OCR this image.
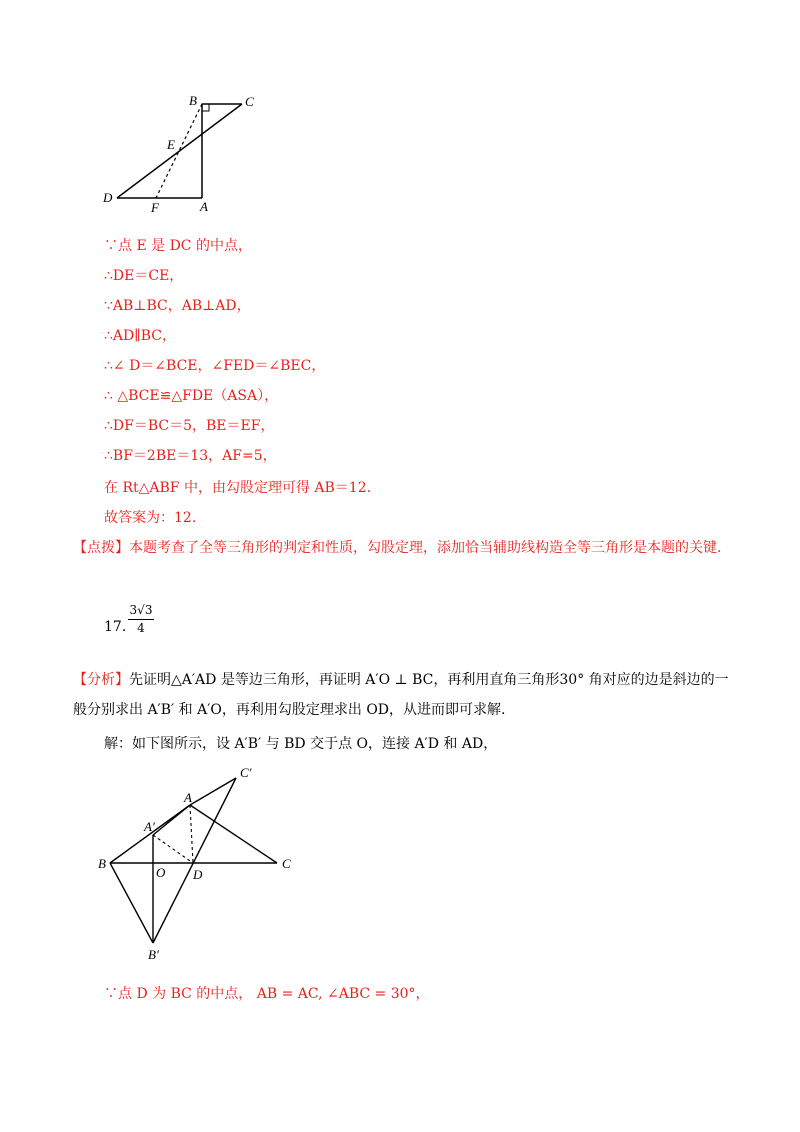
B	C
E
D
F	A
∵点 E 是 DC 的中点，
∴DE＝CE，
∵AB⊥BC，AB⊥AD，
∴AD∥BC，
∴∠ D＝∠BCE，∠FED＝∠BEC，
∴ △BCE≌△FDE（ASA），
∴DF＝BC＝5，BE＝EF，
∴BF＝2BE＝13，AF=5，
在 Rt△ABF 中，由勾股定理可得 AB＝12.
故答案为：12.
【点拨】本题考查了全等三角形的判定和性质，勾股定理，添加恰当辅助线构造全等三角形是本题的关键.
17.
3√3
4
【分析】先证明△A′AD 是等边三角形，再证明 A′O ⊥ BC，再利用直角三角形30° 角对应的边是斜边的一般分别求出 A′B′ 和 A′O，再利用勾股定理求出 OD，从进而即可求解.
解：如下图所示，设 A′B′ 与 BD 交于点 O，连接 A′D 和 AD，
C′
A
A′
B
O D
C
B′
∵点 D 为 BC 的中点， AB = AC, ∠ABC = 30°，
